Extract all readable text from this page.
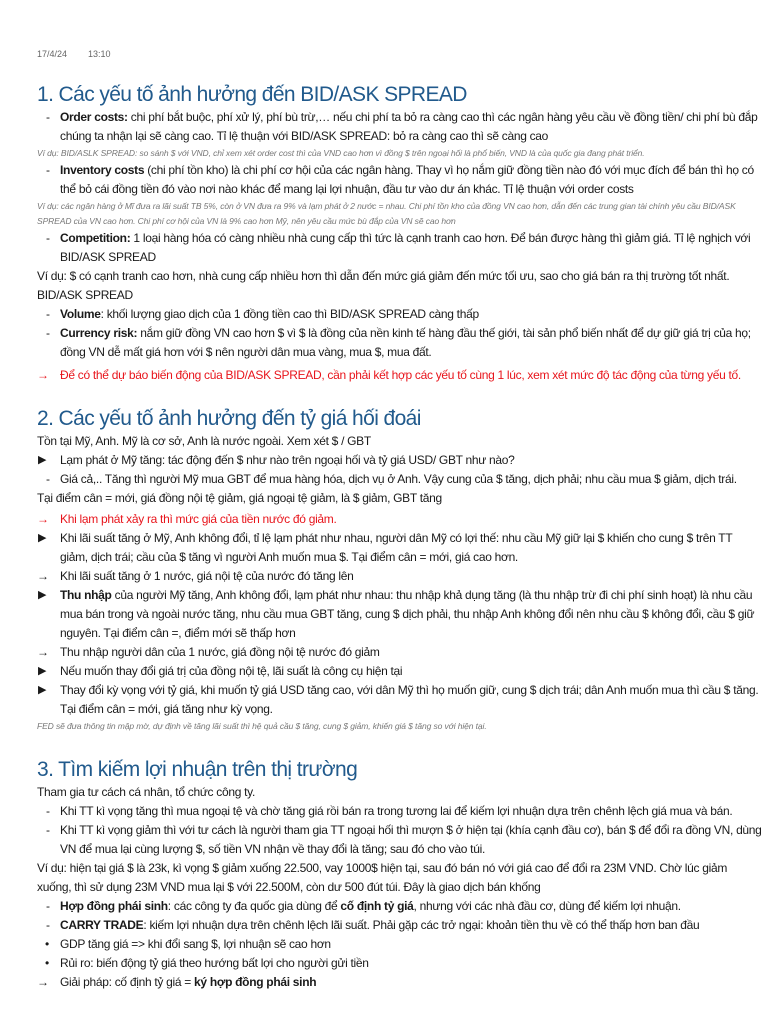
17/4/24	13:10
1. Các yếu tố ảnh hưởng đến BID/ASK SPREAD
- Order costs: chi phí bắt buộc, phí xử lý, phí bù trừ,… nếu chi phí ta bỏ ra càng cao thì các ngân hàng yêu cầu về đồng tiền/ chi phí bù đắp chúng ta nhận lại sẽ càng cao. Tỉ lệ thuận với BID/ASK SPREAD: bỏ ra càng cao thì sẽ càng cao
Ví dụ: BID/ASLK SPREAD: so sánh $ với VND, chỉ xem xét order cost thì của VND cao hơn vì đồng $ trên ngoại hối là phổ biến, VND là của quốc gia đang phát triển.
- Inventory costs (chi phí tồn kho) là chi phí cơ hội của các ngân hàng. Thay vì họ nắm giữ đồng tiền nào đó với mục đích để bán thì họ có thể bỏ cái đồng tiền đó vào nơi nào khác để mang lại lợi nhuận, đầu tư vào dư án khác. Tỉ lệ thuận với order costs
Ví dụ: các ngân hàng ở Mĩ đưa ra lãi suất TB 5%, còn ở VN đưa ra 9% và lạm phát ở 2 nước = nhau. Chi phí tồn kho của đồng VN cao hơn, dẫn đến các trung gian tài chính yêu cầu BID/ASK SPREAD của VN cao hơn. Chi phí cơ hội của VN là 9% cao hơn Mỹ, nên yêu cầu mức bù đắp của VN sẽ cao hơn
- Competition: 1 loại hàng hóa có càng nhiều nhà cung cấp thì tức là cạnh tranh cao hơn. Để bán được hàng thì giảm giá. Tỉ lệ nghịch với BID/ASK SPREAD
Ví dụ: $ có cạnh tranh cao hơn, nhà cung cấp nhiều hơn thì dẫn đến mức giá giảm đến mức tối ưu, sao cho giá bán ra thị trường tốt nhất. BID/ASK SPREAD
- Volume: khối lượng giao dịch của 1 đồng tiền cao thì BID/ASK SPREAD càng thấp
- Currency risk: nắm giữ đồng VN cao hơn $ vì $ là đồng của nền kinh tế hàng đầu thế giới, tài sản phổ biến nhất để dự giữ giá trị của họ; đồng VN dễ mất giá hơn với $ nên người dân mua vàng, mua $, mua đất.
→ Để có thể dự báo biến động của BID/ASK SPREAD, cần phải kết hợp các yếu tố cùng 1 lúc, xem xét mức độ tác động của từng yếu tố.
2. Các yếu tố ảnh hưởng đến tỷ giá hối đoái
Tồn tại Mỹ, Anh. Mỹ là cơ sở, Anh là nước ngoài. Xem xét $ / GBT
▶	Lạm phát ở Mỹ tăng: tác động đến $ như nào trên ngoại hối và tỷ giá USD/ GBT như nào?
- Giá cả,.. Tăng thì người Mỹ mua GBT để mua hàng hóa, dịch vụ ở Anh. Vậy cung của $ tăng, dịch phải; nhu cầu mua $ giảm, dịch trái.
Tại điểm cân = mới, giá đồng nội tệ giảm, giá ngoại tệ giảm, là $ giảm, GBT tăng
→ Khi lạm phát xảy ra thì mức giá của tiền nước đó giảm.
▶	Khi lãi suất tăng ở Mỹ, Anh không đổi, tỉ lệ lạm phát như nhau, người dân Mỹ có lợi thế: nhu cầu Mỹ giữ lại $ khiến cho cung $ trên TT giảm, dịch trái; cầu của $ tăng vì người Anh muốn mua $. Tại điểm cân = mới, giá cao hơn.
→ Khi lãi suất tăng ở 1 nước, giá nội tệ của nước đó tăng lên
▶	Thu nhập của người Mỹ tăng, Anh không đổi, lạm phát như nhau: thu nhập khả dụng tăng (là thu nhập trừ đi chi phí sinh hoạt) là nhu cầu mua bán trong và ngoài nước tăng, nhu cầu mua GBT tăng, cung $ dịch phải, thu nhập Anh không đổi nên nhu cầu $ không đổi, cầu $ giữ nguyên. Tại điểm cân =, điểm mới sẽ thấp hơn
→ Thu nhập người dân của 1 nước, giá đồng nội tệ nước đó giảm
▶	Nếu muốn thay đổi giá trị của đồng nội tệ, lãi suất là công cụ hiện tại
▶	Thay đổi kỳ vọng với tỷ giá, khi muốn tỷ giá USD tăng cao, với dân Mỹ thì họ muốn giữ, cung $ dịch trái; dân Anh muốn mua thì cầu $ tăng. Tại điểm cân = mới, giá tăng như kỳ vọng.
FED sẽ đưa thông tin mập mờ, dự định về tăng lãi suất thì hệ quả cầu $ tăng, cung $ giảm, khiến giá $ tăng so với hiện tại.
3. Tìm kiếm lợi nhuận trên thị trường
Tham gia tư cách cá nhân, tổ chức công ty.
- Khi TT kì vọng tăng thì mua ngoại tệ và chờ tăng giá rồi bán ra trong tương lai để kiếm lợi nhuận dựa trên chênh lệch giá mua và bán.
- Khi TT kì vọng giảm thì với tư cách là người tham gia TT ngoại hối thì mượn $ ở hiện tại (khía cạnh đầu cơ), bán $ để đổi ra đồng VN, dùng VN để mua lại cùng lượng $, số tiền VN nhận về thay đổi là tăng; sau đó cho vào túi.
Ví dụ: hiện tại giá $ là 23k, kì vọng $ giảm xuống 22.500, vay 1000$ hiện tại, sau đó bán nó với giá cao để đổi ra 23M VND. Chờ lúc giảm xuống, thì sử dụng 23M VND mua lại $ với 22.500M, còn dư 500 đút túi. Đây là giao dịch bán khống
- Hợp đồng phái sinh: các công ty đa quốc gia dùng để cố định tỷ giá, nhưng với các nhà đầu cơ, dùng để kiếm lợi nhuận.
- CARRY TRADE: kiếm lợi nhuận dựa trên chênh lệch lãi suất. Phải gặp các trở ngại: khoản tiền thu về có thể thấp hơn ban đầu
• GDP tăng giá => khi đổi sang $, lợi nhuận sẽ cao hơn
• Rủi ro: biến động tỷ giá theo hướng bất lợi cho người gửi tiền
→ Giải pháp: cố định tỷ giá = ký hợp đồng phái sinh
